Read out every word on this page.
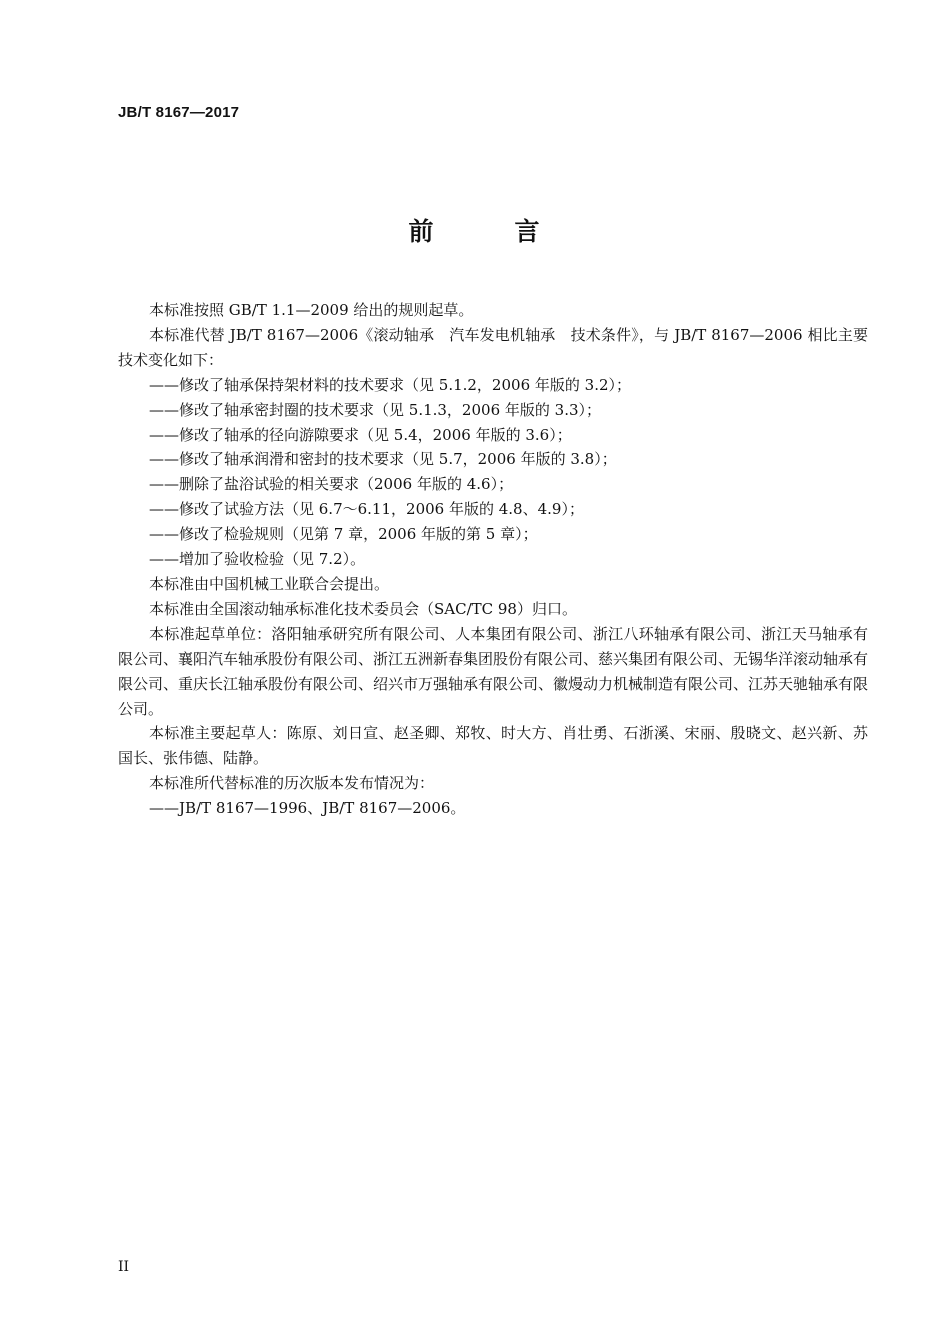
JB/T 8167—2017
前　言

本标准按照 GB/T 1.1—2009 给出的规则起草。

本标准代替 JB/T 8167—2006《滚动轴承　汽车发电机轴承　技术条件》，与 JB/T 8167—2006 相比主要技术变化如下：

——修改了轴承保持架材料的技术要求（见 5.1.2，2006 年版的 3.2）；

——修改了轴承密封圈的技术要求（见 5.1.3，2006 年版的 3.3）；

——修改了轴承的径向游隙要求（见 5.4，2006 年版的 3.6）；

——修改了轴承润滑和密封的技术要求（见 5.7，2006 年版的 3.8）；

——删除了盐浴试验的相关要求（2006 年版的 4.6）；

——修改了试验方法（见 6.7～6.11，2006 年版的 4.8、4.9）；

——修改了检验规则（见第 7 章，2006 年版的第 5 章）；

——增加了验收检验（见 7.2）。

本标准由中国机械工业联合会提出。

本标准由全国滚动轴承标准化技术委员会（SAC/TC 98）归口。

本标准起草单位：洛阳轴承研究所有限公司、人本集团有限公司、浙江八环轴承有限公司、浙江天马轴承有限公司、襄阳汽车轴承股份有限公司、浙江五洲新春集团股份有限公司、慈兴集团有限公司、无锡华洋滚动轴承有限公司、重庆长江轴承股份有限公司、绍兴市万强轴承有限公司、徽熳动力机械制造有限公司、江苏天驰轴承有限公司。

本标准主要起草人：陈原、刘日宣、赵圣卿、郑牧、时大方、肖壮勇、石浙溪、宋丽、殷晓文、赵兴新、苏国长、张伟德、陆静。

本标准所代替标准的历次版本发布情况为：

——JB/T 8167—1996、JB/T 8167—2006。

II
